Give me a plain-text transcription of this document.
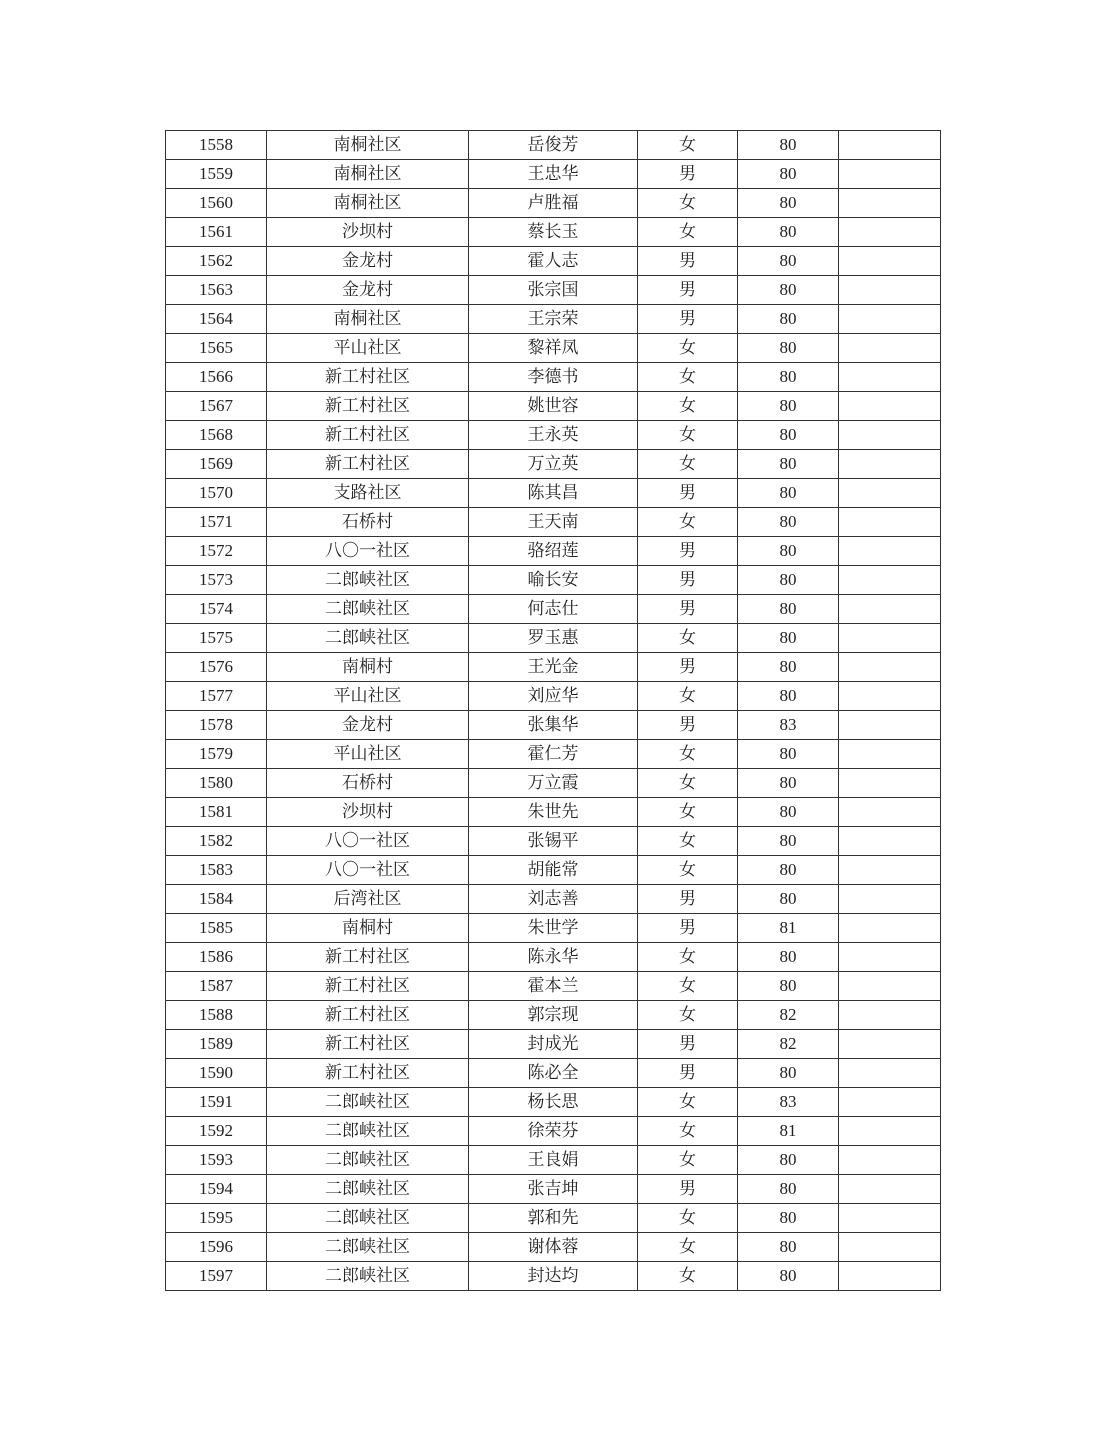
1558	南桐社区	岳俊芳	女	80	
1559	南桐社区	王忠华	男	80	
1560	南桐社区	卢胜福	女	80	
1561	沙坝村	蔡长玉	女	80	
1562	金龙村	霍人志	男	80	
1563	金龙村	张宗国	男	80	
1564	南桐社区	王宗荣	男	80	
1565	平山社区	黎祥凤	女	80	
1566	新工村社区	李德书	女	80	
1567	新工村社区	姚世容	女	80	
1568	新工村社区	王永英	女	80	
1569	新工村社区	万立英	女	80	
1570	支路社区	陈其昌	男	80	
1571	石桥村	王天南	女	80	
1572	八〇一社区	骆绍莲	男	80	
1573	二郎峡社区	喻长安	男	80	
1574	二郎峡社区	何志仕	男	80	
1575	二郎峡社区	罗玉惠	女	80	
1576	南桐村	王光金	男	80	
1577	平山社区	刘应华	女	80	
1578	金龙村	张集华	男	83	
1579	平山社区	霍仁芳	女	80	
1580	石桥村	万立霞	女	80	
1581	沙坝村	朱世先	女	80	
1582	八〇一社区	张锡平	女	80	
1583	八〇一社区	胡能常	女	80	
1584	后湾社区	刘志善	男	80	
1585	南桐村	朱世学	男	81	
1586	新工村社区	陈永华	女	80	
1587	新工村社区	霍本兰	女	80	
1588	新工村社区	郭宗现	女	82	
1589	新工村社区	封成光	男	82	
1590	新工村社区	陈必全	男	80	
1591	二郎峡社区	杨长思	女	83	
1592	二郎峡社区	徐荣芬	女	81	
1593	二郎峡社区	王良娟	女	80	
1594	二郎峡社区	张吉坤	男	80	
1595	二郎峡社区	郭和先	女	80	
1596	二郎峡社区	谢体蓉	女	80	
1597	二郎峡社区	封达均	女	80	
